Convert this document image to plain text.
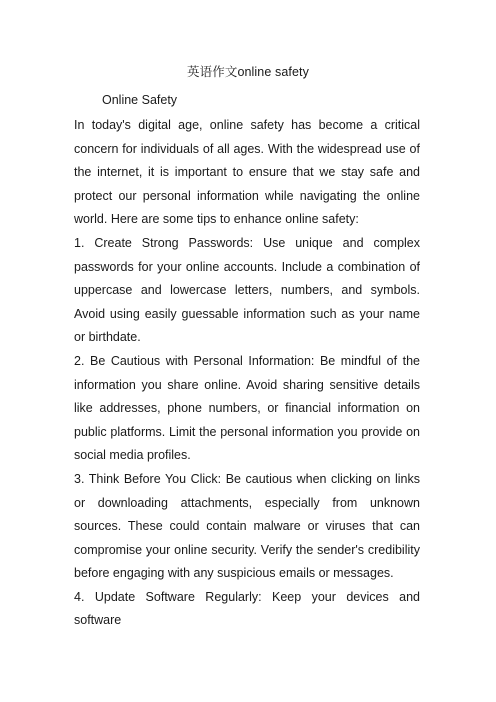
英语作文online safety
Online Safety

In today's digital age, online safety has become a critical concern for individuals of all ages. With the widespread use of the internet, it is important to ensure that we stay safe and protect our personal information while navigating the online world. Here are some tips to enhance online safety:

1. Create Strong Passwords: Use unique and complex passwords for your online accounts. Include a combination of uppercase and lowercase letters, numbers, and symbols. Avoid using easily guessable information such as your name or birthdate.

2. Be Cautious with Personal Information: Be mindful of the information you share online. Avoid sharing sensitive details like addresses, phone numbers, or financial information on public platforms. Limit the personal information you provide on social media profiles.

3. Think Before You Click: Be cautious when clicking on links or downloading attachments, especially from unknown sources. These could contain malware or viruses that can compromise your online security. Verify the sender's credibility before engaging with any suspicious emails or messages.

4. Update Software Regularly: Keep your devices and software
